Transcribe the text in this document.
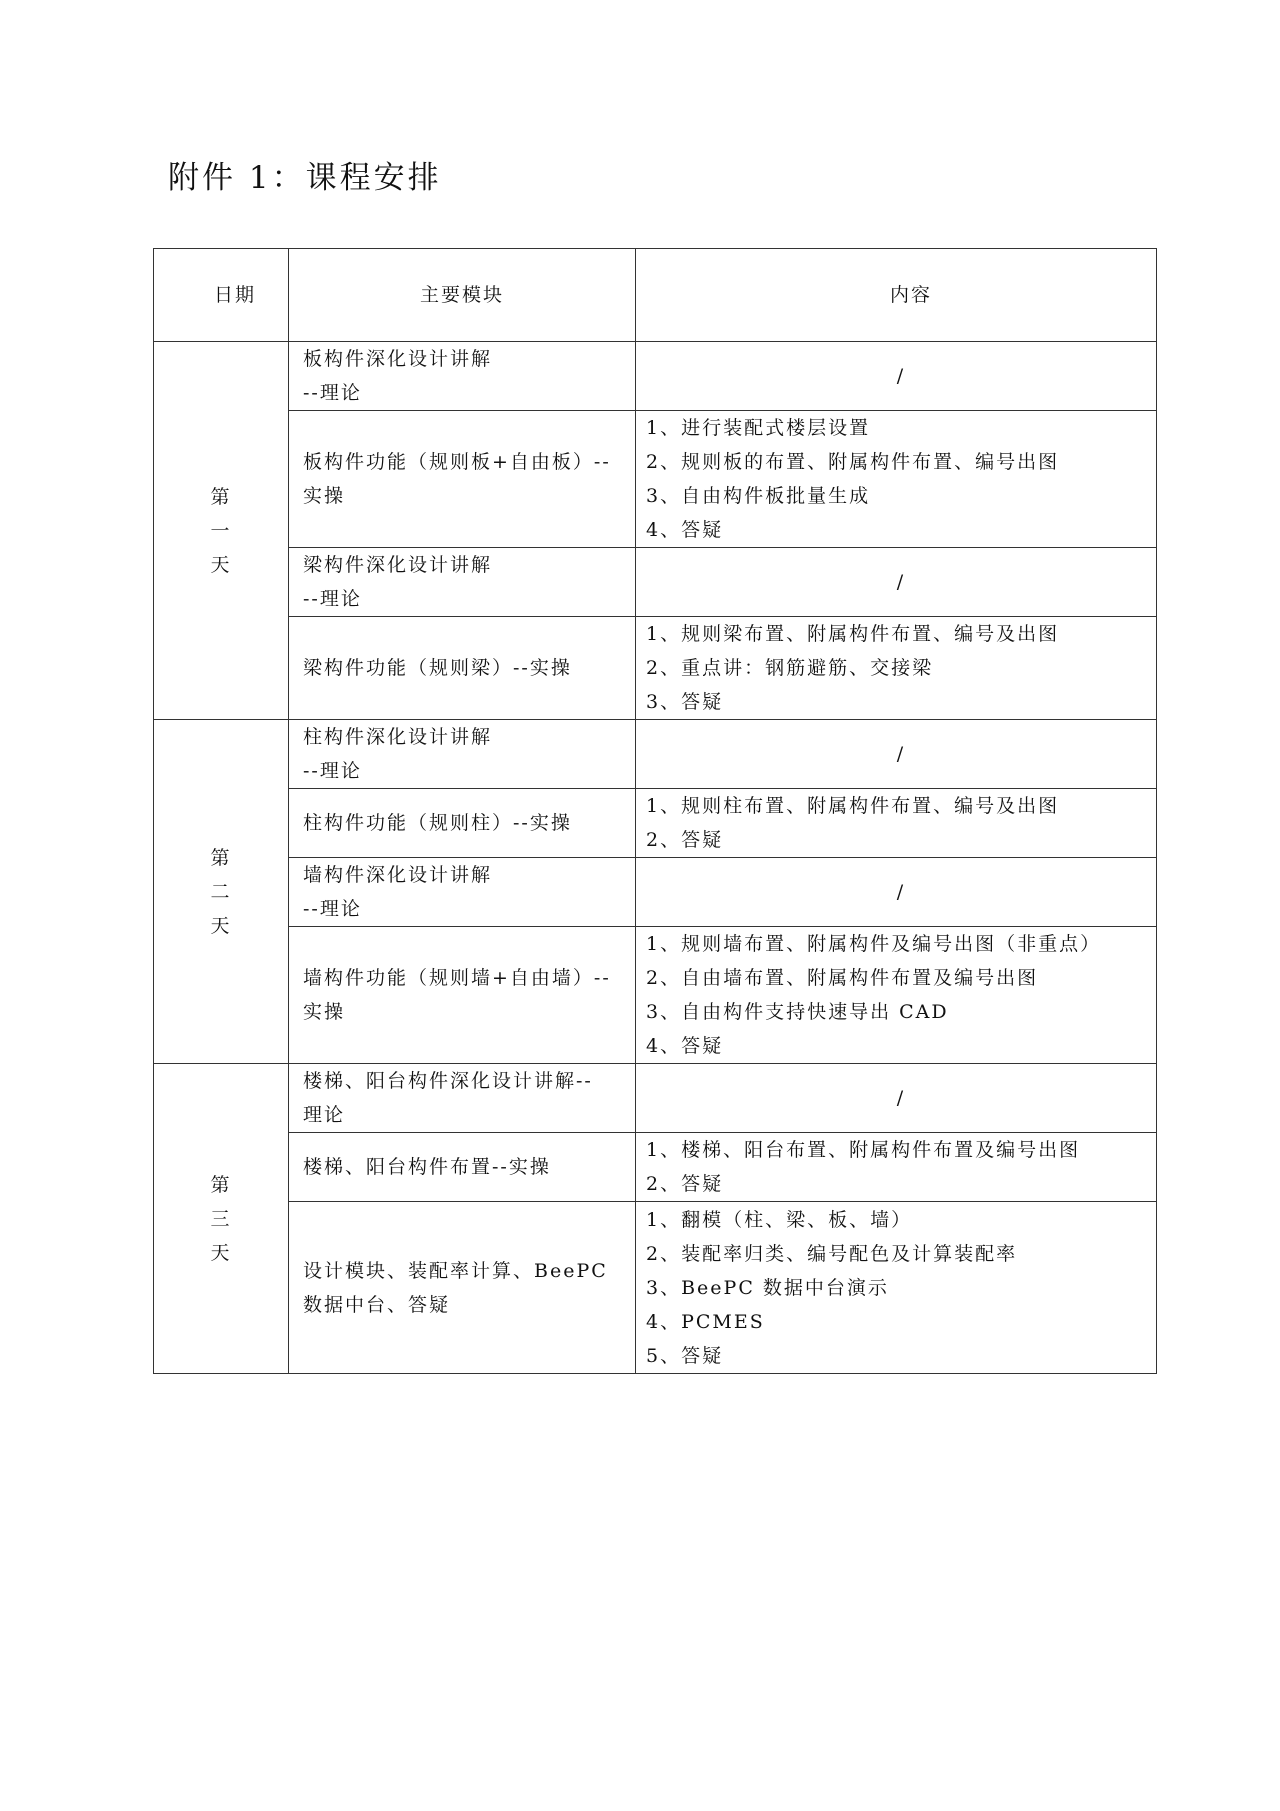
附件 1：课程安排
日期	主要模块	内容

第
一
天	板构件深化设计讲解
--理论	/

	板构件功能（规则板+自由板）--
实操	1、进行装配式楼层设置
2、规则板的布置、附属构件布置、编号出图
3、自由构件板批量生成
4、答疑

	梁构件深化设计讲解
--理论	/

	梁构件功能（规则梁）--实操	1、规则梁布置、附属构件布置、编号及出图
2、重点讲：钢筋避筋、交接梁
3、答疑

第
二
天	柱构件深化设计讲解
--理论	/

	柱构件功能（规则柱）--实操	1、规则柱布置、附属构件布置、编号及出图
2、答疑

	墙构件深化设计讲解
--理论	/

	墙构件功能（规则墙+自由墙）--
实操	1、规则墙布置、附属构件及编号出图（非重点）
2、自由墙布置、附属构件布置及编号出图
3、自由构件支持快速导出 CAD
4、答疑

第
三
天	楼梯、阳台构件深化设计讲解--
理论	/

	楼梯、阳台构件布置--实操	1、楼梯、阳台布置、附属构件布置及编号出图
2、答疑

	设计模块、装配率计算、BeePC
数据中台、答疑	1、翻模（柱、梁、板、墙）
2、装配率归类、编号配色及计算装配率
3、BeePC 数据中台演示
4、PCMES
5、答疑
